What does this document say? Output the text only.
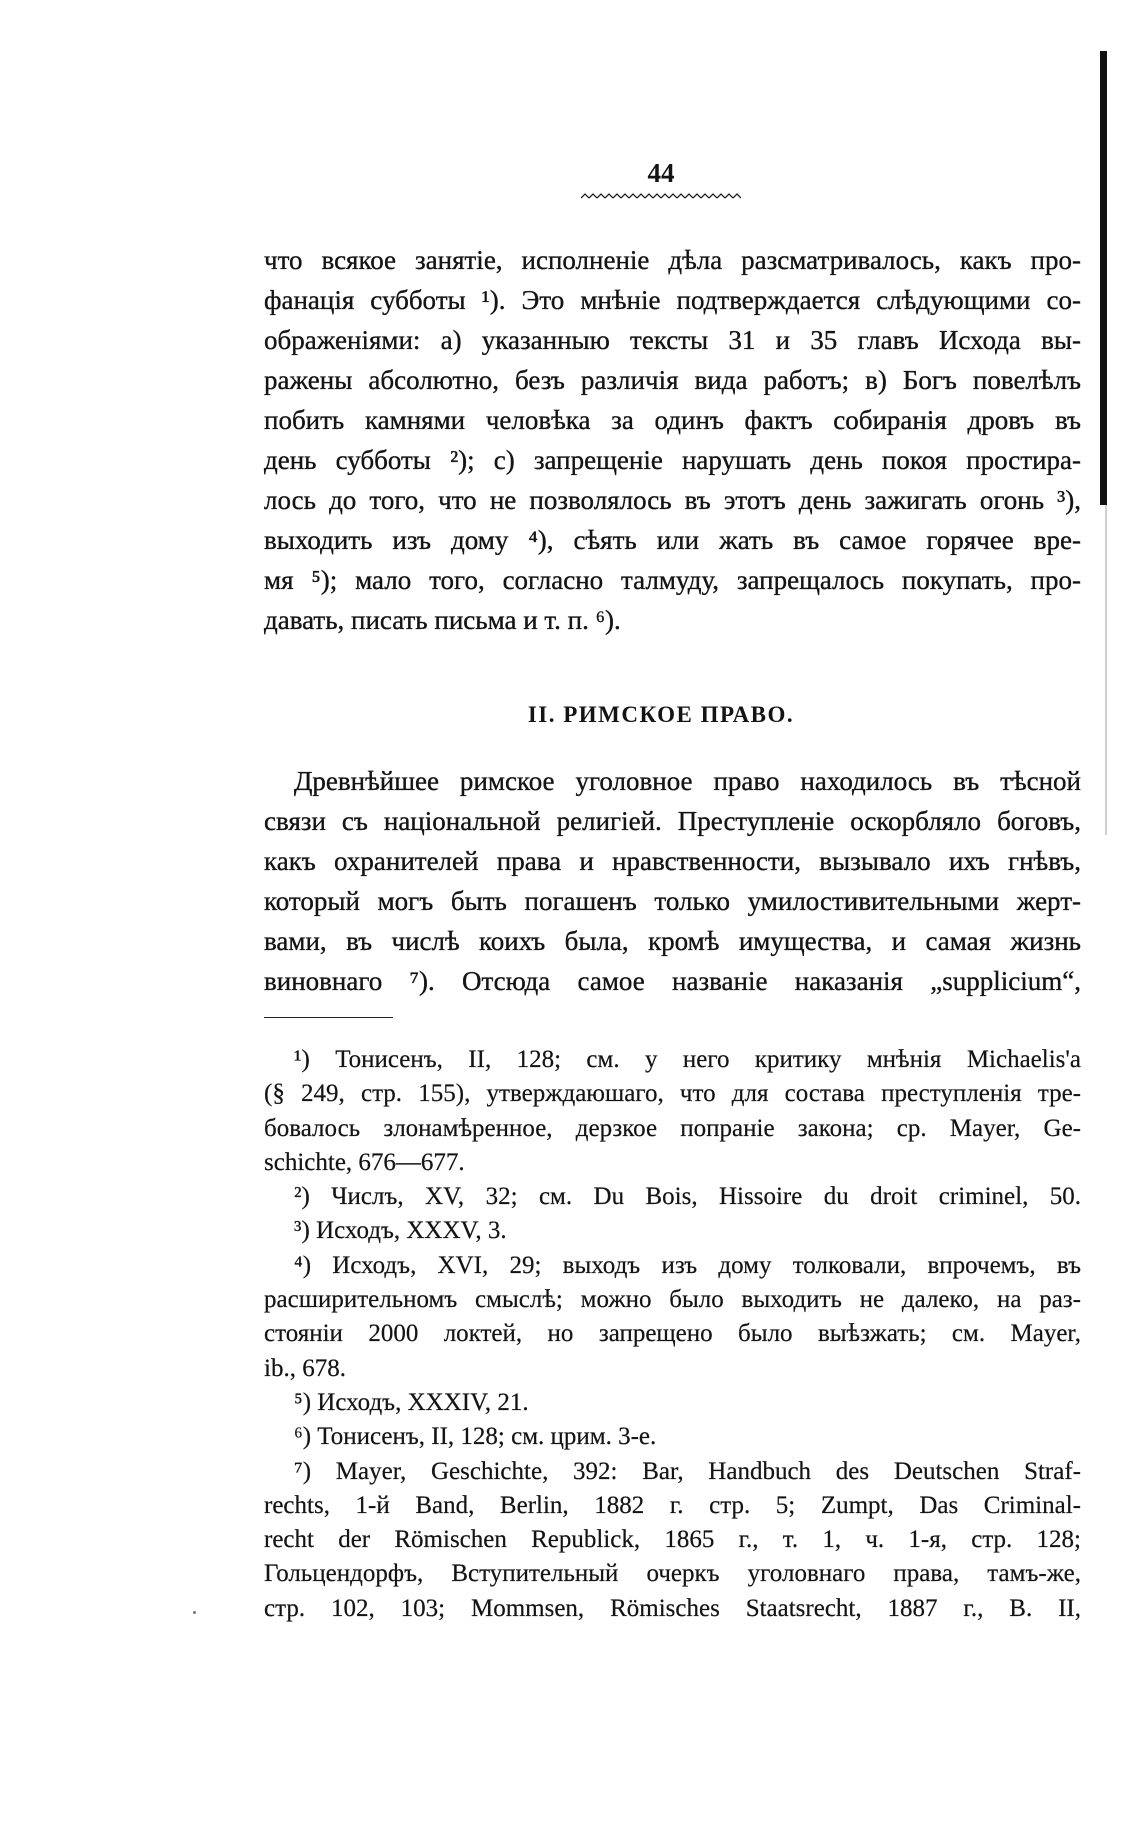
44
что всякое занятіе, исполненіе дѣла разсматривалось, какъ про-
фанація субботы ¹). Это мнѣніе подтверждается слѣдующими со-
ображеніями: а) указанныю тексты 31 и 35 главъ Исхода вы-
ражены абсолютно, безъ различія вида работъ; в) Богъ повелѣлъ
побить камнями человѣка за одинъ фактъ собиранія дровъ въ
день субботы ²); с) запрещеніе нарушать день покоя простира-
лось до того, что не позволялось въ этотъ день зажигать огонь ³),
выходить изъ дому ⁴), сѣять или жать въ самое горячее вре-
мя ⁵); мало того, согласно талмуду, запрещалось покупать, про-
давать, писать письма и т. п. ⁶).
II. РИМСКОЕ ПРАВО.
Древнѣйшее римское уголовное право находилось въ тѣсной
связи съ національной религіей. Преступленіе оскорбляло боговъ,
какъ охранителей права и нравственности, вызывало ихъ гнѣвъ,
который могъ быть погашенъ только умилостивительными жерт-
вами, въ числѣ коихъ была, кромѣ имущества, и самая жизнь
виновнаго ⁷). Отсюда самое названіе наказанія „supplicium“,
¹) Тонисенъ, II, 128; см. у него критику мнѣнія Michaelis'a
(§ 249, стр. 155), утверждаюшаго, что для состава преступленія тре-
бовалось злонамѣренное, дерзкое попраніе закона; ср. Mayer, Ge-
schichte, 676—677.
²) Числъ, XV, 32; см. Du Bois, Hissoire du droit criminel, 50.
³) Исходъ, XXXV, 3.
⁴) Исходъ, XVI, 29; выходъ изъ дому толковали, впрочемъ, въ
расширительномъ смыслѣ; можно было выходить не далеко, на раз-
стояніи 2000 локтей, но запрещено было выѣзжать; см. Mayer,
ib., 678.
⁵) Исходъ, XXXIV, 21.
⁶) Тонисенъ, II, 128; см. црим. 3-е.
⁷) Mayer, Geschichte, 392: Bar, Handbuch des Deutschen Straf-
rechts, 1-й Band, Berlin, 1882 г. стр. 5; Zumpt, Das Criminal-
recht der Römischen Republick, 1865 г., т. 1, ч. 1-я, стр. 128;
Гольцендорфъ, Вступительный очеркъ уголовнаго права, тамъ-же,
стр. 102, 103; Mommsen, Römisches Staatsrecht, 1887 г., B. II,
